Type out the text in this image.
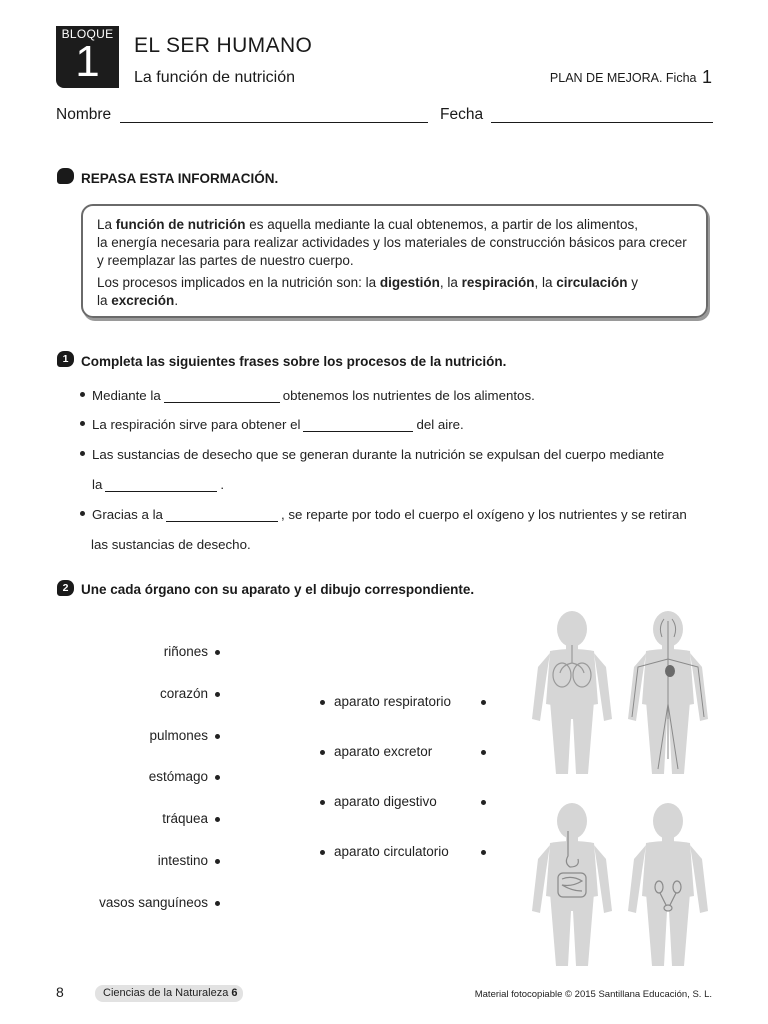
BLOQUE
1	EL SER HUMANO
La función de nutrición	PLAN DE MEJORA. Ficha 1
Nombre	Fecha
REPASA ESTA INFORMACIÓN.
La función de nutrición es aquella mediante la cual obtenemos, a partir de los alimentos,
la energía necesaria para realizar actividades y los materiales de construcción básicos para crecer
y reemplazar las partes de nuestro cuerpo.
Los procesos implicados en la nutrición son: la digestión, la respiración, la circulación y
la excreción.
1 Completa las siguientes frases sobre los procesos de la nutrición.
Mediante la	obtenemos los nutrientes de los alimentos.
La respiración sirve para obtener el	del aire.
Las sustancias de desecho que se generan durante la nutrición se expulsan del cuerpo mediante
la	.
Gracias a la	, se reparte por todo el cuerpo el oxígeno y los nutrientes y se retiran
las sustancias de desecho.
2 Une cada órgano con su aparato y el dibujo correspondiente.
riñones
corazón
pulmones
estómago
tráquea
intestino
vasos sanguíneos
aparato respiratorio
aparato excretor
aparato digestivo
aparato circulatorio
8	Ciencias de la Naturaleza 6	Material fotocopiable © 2015 Santillana Educación, S. L.
